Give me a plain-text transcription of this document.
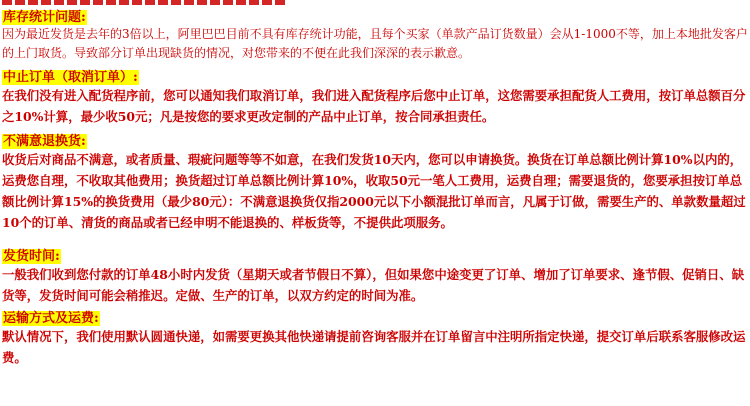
库存统计问题:

因为最近发货是去年的3倍以上，阿里巴巴目前不具有库存统计功能，且每个买家（单款产品订货数量）会从1-1000不等，加上本地批发客户的上门取货。导致部分订单出现缺货的情况，对您带来的不便在此我们深深的表示歉意。

中止订单（取消订单）:

在我们没有进入配货程序前，您可以通知我们取消订单，我们进入配货程序后您中止订单，这您需要承担配货人工费用，按订单总额百分之10%计算，最少收50元；凡是按您的要求更改定制的产品中止订单，按合同承担责任。

不满意退换货:

收货后对商品不满意，或者质量、瑕疵问题等等不如意，在我们发货10天内，您可以申请换货。换货在订单总额比例计算10%以内的，运费您自理，不收取其他费用；换货超过订单总额比例计算10%，收取50元一笔人工费用，运费自理；需要退货的，您要承担按订单总额比例计算15%的换货费用（最少80元）：不满意退换货仅指2000元以下小额混批订单而言，凡属于订做，需要生产的、单款数量超过10个的订单、清货的商品或者已经申明不能退换的、样板货等，不提供此项服务。

发货时间:

一般我们收到您付款的订单48小时内发货（星期天或者节假日不算），但如果您中途变更了订单、增加了订单要求、逢节假、促销日、缺货等，发货时间可能会稍推迟。定做、生产的订单，以双方约定的时间为准。

运输方式及运费:

默认情况下，我们使用默认圆通快递，如需要更换其他快递请提前咨询客服并在订单留言中注明所指定快递，提交订单后联系客服修改运费。
